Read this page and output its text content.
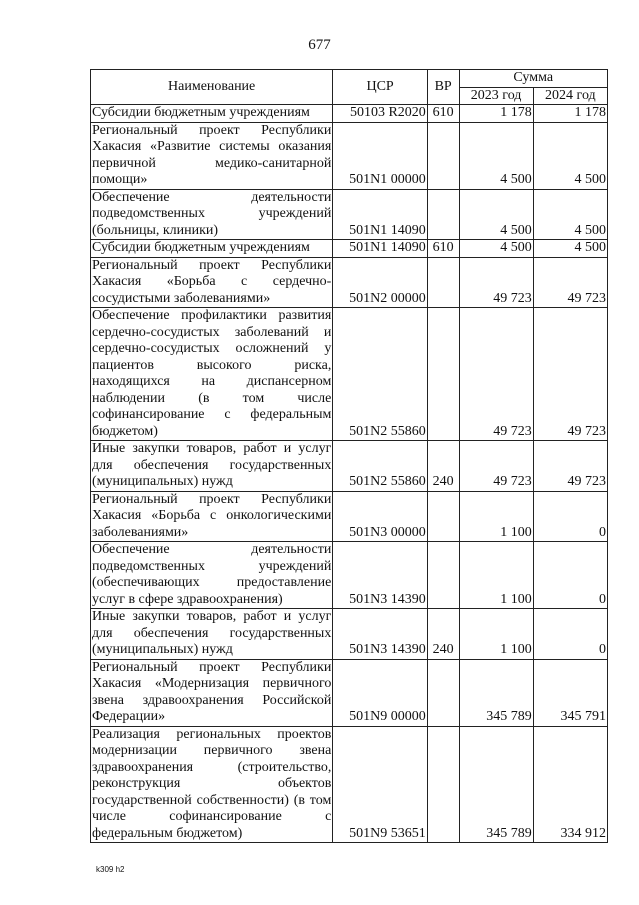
677
Наименование	ЦСР	ВР	Сумма	
			2023 год	2024 год
Субсидии бюджетным учреждениям	50103 R2020	610	1 178	1 178
Региональный проект Республики Хакасия «Развитие системы оказания первичной медико-санитарной помощи»	501N1 00000		4 500	4 500
Обеспечение деятельности подведомственных учреждений (больницы, клиники)	501N1 14090		4 500	4 500
Субсидии бюджетным учреждениям	501N1 14090	610	4 500	4 500
Региональный проект Республики Хакасия «Борьба с сердечно-сосудистыми заболеваниями»	501N2 00000		49 723	49 723
Обеспечение профилактики развития сердечно-сосудистых заболеваний и сердечно-сосудистых осложнений у пациентов высокого риска, находящихся на диспансерном наблюдении (в том числе софинансирование с федеральным бюджетом)	501N2 55860		49 723	49 723
Иные закупки товаров, работ и услуг для обеспечения государственных (муниципальных) нужд	501N2 55860	240	49 723	49 723
Региональный проект Республики Хакасия «Борьба с онкологическими заболеваниями»	501N3 00000		1 100	0
Обеспечение деятельности подведомственных учреждений (обеспечивающих предоставление услуг в сфере здравоохранения)	501N3 14390		1 100	0
Иные закупки товаров, работ и услуг для обеспечения государственных (муниципальных) нужд	501N3 14390	240	1 100	0
Региональный проект Республики Хакасия «Модернизация первичного звена здравоохранения Российской Федерации»	501N9 00000		345 789	345 791
Реализация региональных проектов модернизации первичного звена здравоохранения (строительство, реконструкция объектов государственной собственности) (в том числе софинансирование с федеральным бюджетом)	501N9 53651		345 789	334 912
k309 h2
